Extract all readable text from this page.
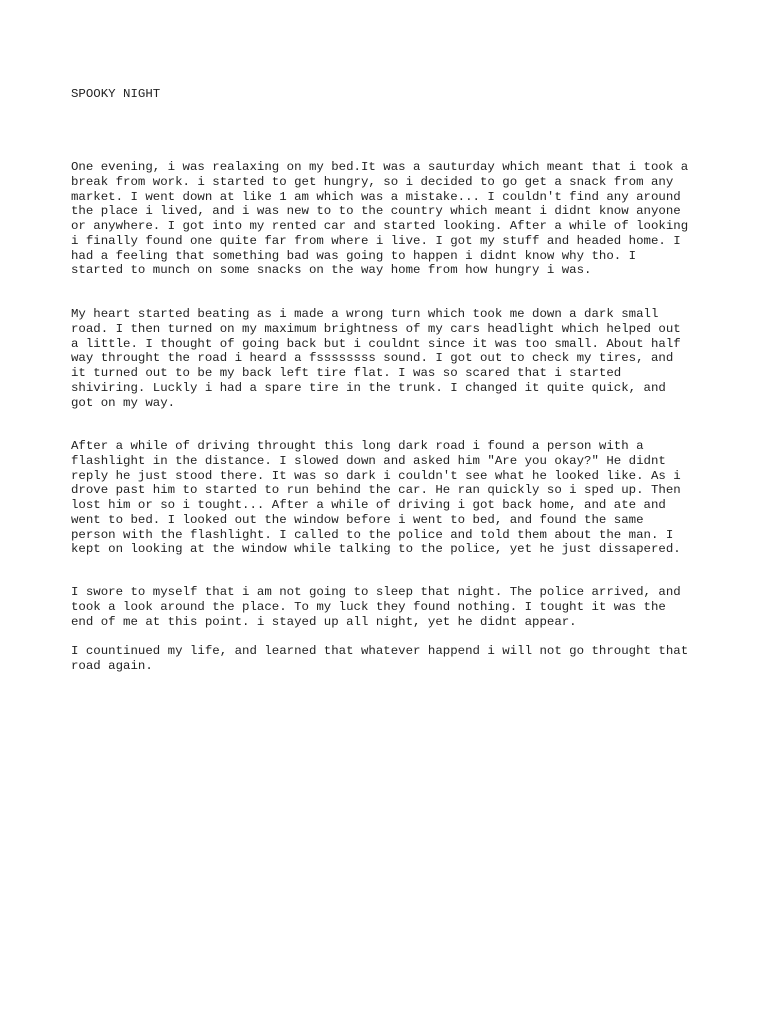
SPOOKY NIGHT

One evening, i was realaxing on my bed.It was a sauturday which meant that i took a
break from work. i started to get hungry, so i decided to go get a snack from any
market. I went down at like 1 am which was a mistake... I couldn't find any around
the place i lived, and i was new to to the country which meant i didnt know anyone
or anywhere. I got into my rented car and started looking. After a while of looking
i finally found one quite far from where i live. I got my stuff and headed home. I
had a feeling that something bad was going to happen i didnt know why tho. I
started to munch on some snacks on the way home from how hungry i was.

My heart started beating as i made a wrong turn which took me down a dark small
road. I then turned on my maximum brightness of my cars headlight which helped out
a little. I thought of going back but i couldnt since it was too small. About half
way throught the road i heard a fssssssss sound. I got out to check my tires, and
it turned out to be my back left tire flat. I was so scared that i started
shiviring. Luckly i had a spare tire in the trunk. I changed it quite quick, and
got on my way.

After a while of driving throught this long dark road i found a person with a
flashlight in the distance. I slowed down and asked him "Are you okay?" He didnt
reply he just stood there. It was so dark i couldn't see what he looked like. As i
drove past him to started to run behind the car. He ran quickly so i sped up. Then
lost him or so i tought... After a while of driving i got back home, and ate and
went to bed. I looked out the window before i went to bed, and found the same
person with the flashlight. I called to the police and told them about the man. I
kept on looking at the window while talking to the police, yet he just dissapered.

I swore to myself that i am not going to sleep that night. The police arrived, and
took a look around the place. To my luck they found nothing. I tought it was the
end of me at this point. i stayed up all night, yet he didnt appear.

I countinued my life, and learned that whatever happend i will not go throught that
road again.
